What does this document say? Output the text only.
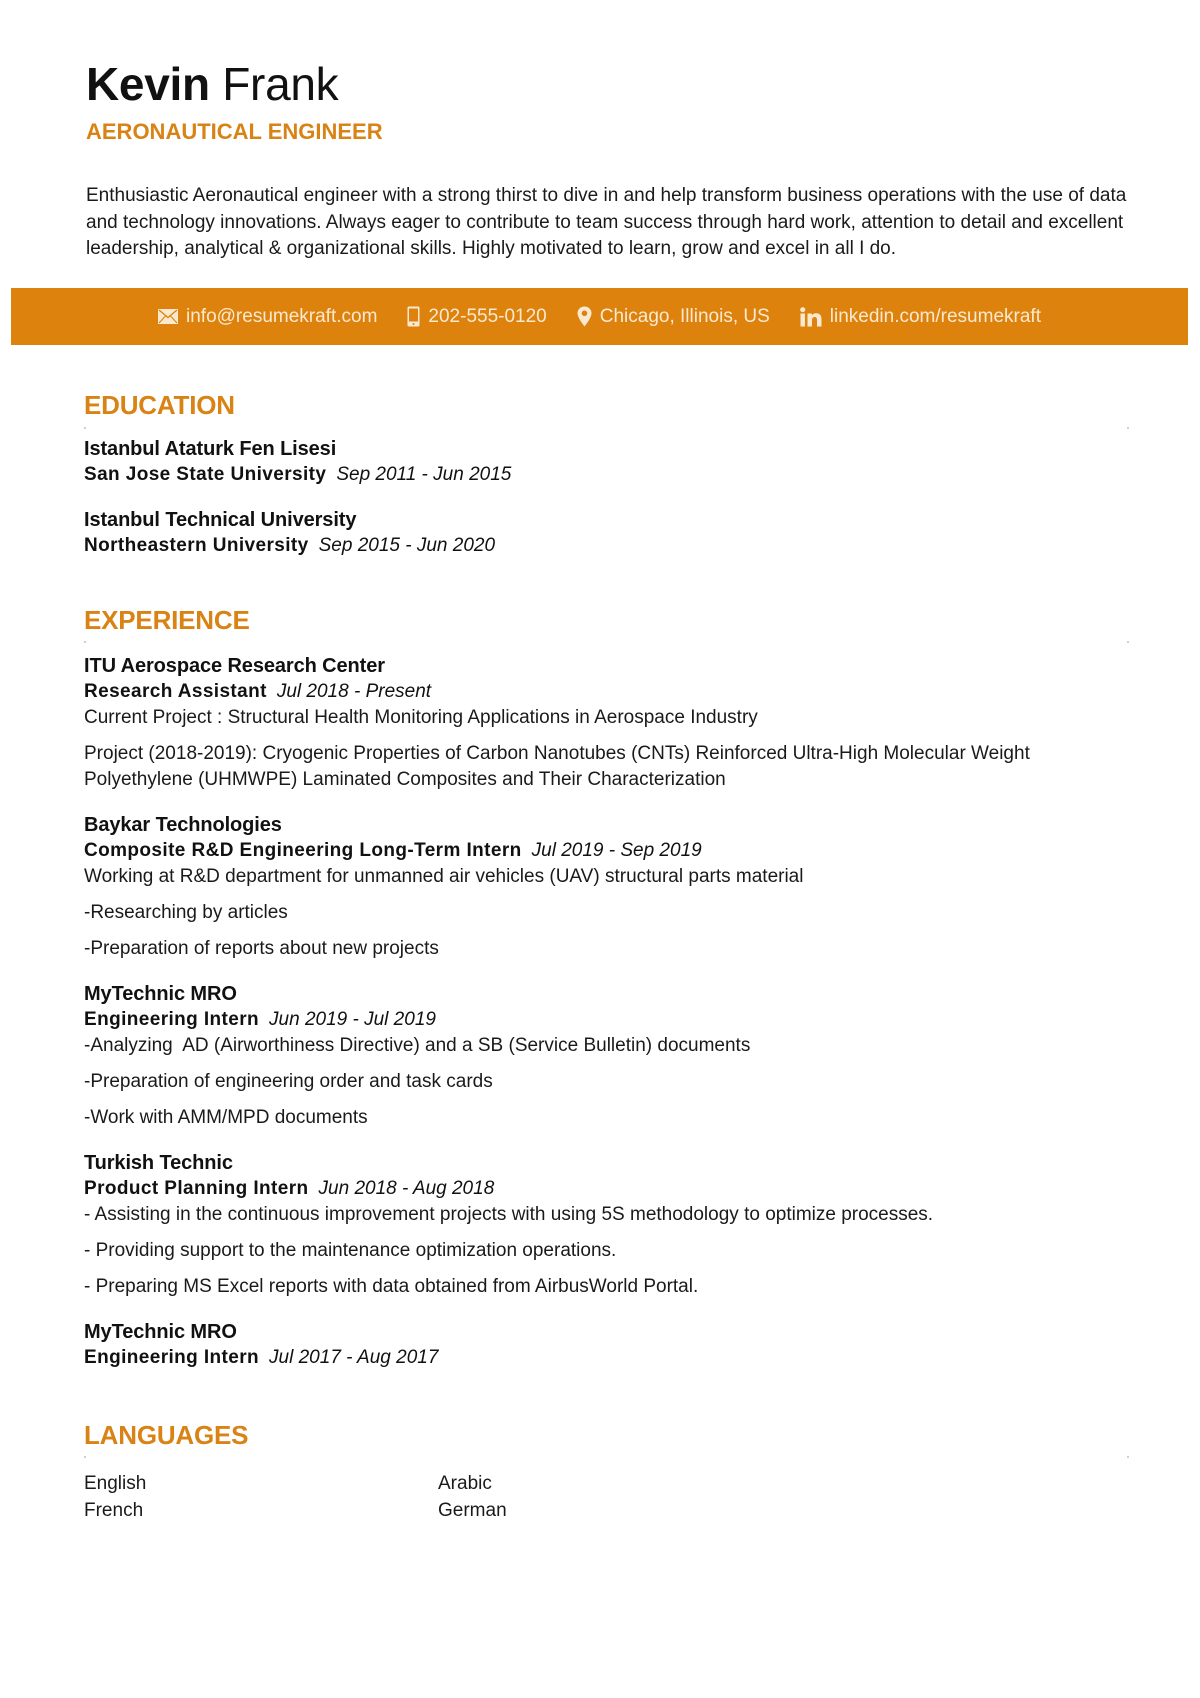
Kevin Frank

AERONAUTICAL ENGINEER

Enthusiastic Aeronautical engineer with a strong thirst to dive in and help transform business operations with the use of data and technology innovations. Always eager to contribute to team success through hard work, attention to detail and excellent leadership, analytical & organizational skills. Highly motivated to learn, grow and excel in all I do.

info@resumekraft.com	202-555-0120	Chicago, Illinois, US	linkedin.com/resumekraft
EDUCATION

Istanbul Ataturk Fen Lisesi

San Jose State University Sep 2011 - Jun 2015

Istanbul Technical University

Northeastern University Sep 2015 - Jun 2020

EXPERIENCE

ITU Aerospace Research Center

Research Assistant Jul 2018 - Present

Current Project : Structural Health Monitoring Applications in Aerospace Industry

Project (2018-2019): Cryogenic Properties of Carbon Nanotubes (CNTs) Reinforced Ultra-High Molecular Weight Polyethylene (UHMWPE) Laminated Composites and Their Characterization

Baykar Technologies

Composite R&D Engineering Long-Term Intern Jul 2019 - Sep 2019

Working at R&D department for unmanned air vehicles (UAV) structural parts material

-Researching by articles

-Preparation of reports about new projects

MyTechnic MRO

Engineering Intern Jun 2019 - Jul 2019

-Analyzing  AD (Airworthiness Directive) and a SB (Service Bulletin) documents

-Preparation of engineering order and task cards

-Work with AMM/MPD documents

Turkish Technic

Product Planning Intern Jun 2018 - Aug 2018

- Assisting in the continuous improvement projects with using 5S methodology to optimize processes.

- Providing support to the maintenance optimization operations.

- Preparing MS Excel reports with data obtained from AirbusWorld Portal.

MyTechnic MRO

Engineering Intern Jul 2017 - Aug 2017

LANGUAGES
English	Arabic
French	German
